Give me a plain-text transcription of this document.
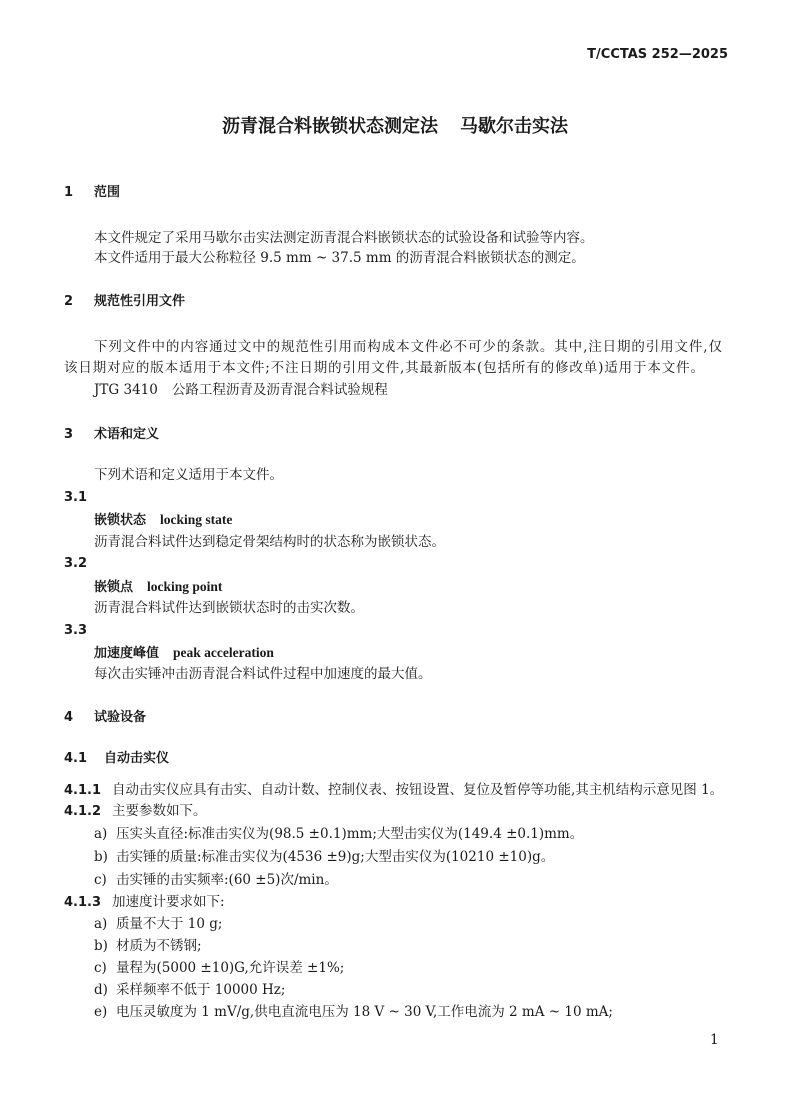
T/CCTAS 252—2025
沥青混合料嵌锁状态测定法 马歇尔击实法
1 范围
本文件规定了采用马歇尔击实法测定沥青混合料嵌锁状态的试验设备和试验等内容。
本文件适用于最大公称粒径 9.5 mm ~ 37.5 mm 的沥青混合料嵌锁状态的测定。
2 规范性引用文件
下列文件中的内容通过文中的规范性引用而构成本文件必不可少的条款。其中,注日期的引用文件,仅
该日期对应的版本适用于本文件;不注日期的引用文件,其最新版本(包括所有的修改单)适用于本文件。
JTG 3410 公路工程沥青及沥青混合料试验规程
3 术语和定义
下列术语和定义适用于本文件。
3.1
嵌锁状态 locking state
沥青混合料试件达到稳定骨架结构时的状态称为嵌锁状态。
3.2
嵌锁点 locking point
沥青混合料试件达到嵌锁状态时的击实次数。
3.3
加速度峰值 peak acceleration
每次击实锤冲击沥青混合料试件过程中加速度的最大值。
4 试验设备
4.1 自动击实仪
4.1.1 自动击实仪应具有击实、自动计数、控制仪表、按钮设置、复位及暂停等功能,其主机结构示意见图 1。
4.1.2 主要参数如下。
a) 压实头直径:标准击实仪为(98.5 ±0.1)mm;大型击实仪为(149.4 ±0.1)mm。
b) 击实锤的质量:标准击实仪为(4536 ±9)g;大型击实仪为(10210 ±10)g。
c) 击实锤的击实频率:(60 ±5)次/min。
4.1.3 加速度计要求如下:
a) 质量不大于 10 g;
b) 材质为不锈钢;
c) 量程为(5000 ±10)G,允许误差 ±1%;
d) 采样频率不低于 10000 Hz;
e) 电压灵敏度为 1 mV/g,供电直流电压为 18 V ~ 30 V,工作电流为 2 mA ~ 10 mA;
1
